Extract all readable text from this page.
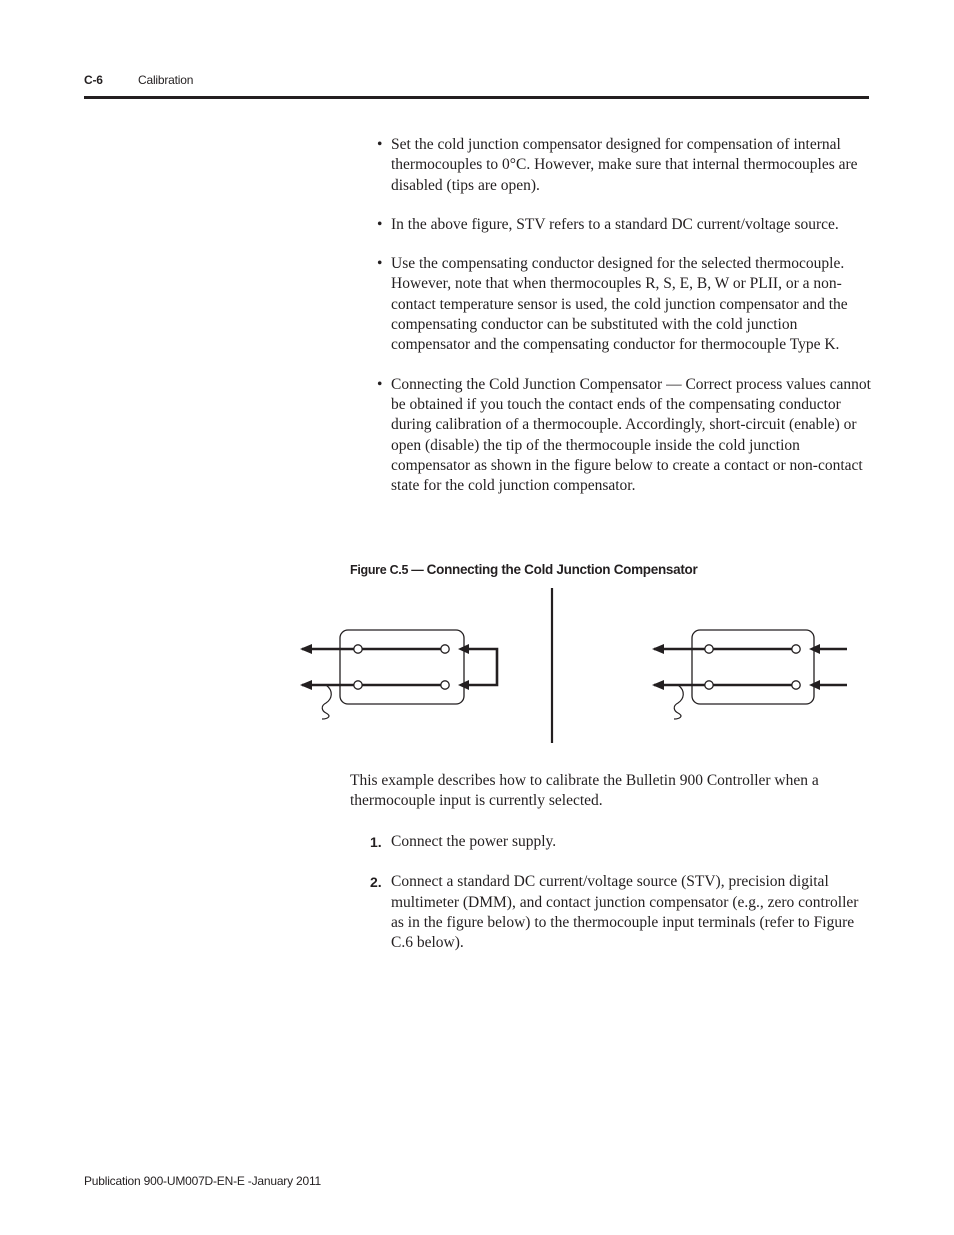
C-6	Calibration
• Set the cold junction compensator designed for compensation of internal thermocouples to 0°C. However, make sure that internal thermocouples are disabled (tips are open).
• In the above figure, STV refers to a standard DC current/voltage source.
• Use the compensating conductor designed for the selected thermocouple. However, note that when thermocouples R, S, E, B, W or PLII, or a non-contact temperature sensor is used, the cold junction compensator and the compensating conductor can be substituted with the cold junction compensator and the compensating conductor for thermocouple Type K.
• Connecting the Cold Junction Compensator — Correct process values cannot be obtained if you touch the contact ends of the compensating conductor during calibration of a thermocouple. Accordingly, short-circuit (enable) or open (disable) the tip of the thermocouple inside the cold junction compensator as shown in the figure below to create a contact or non-contact state for the cold junction compensator.
Figure C.5 — Connecting the Cold Junction Compensator

This example describes how to calibrate the Bulletin 900 Controller when a thermocouple input is currently selected.

1. Connect the power supply.
2. Connect a standard DC current/voltage source (STV), precision digital multimeter (DMM), and contact junction compensator (e.g., zero controller as in the figure below) to the thermocouple input terminals (refer to Figure C.6 below).
Publication 900-UM007D-EN-E -January 2011
